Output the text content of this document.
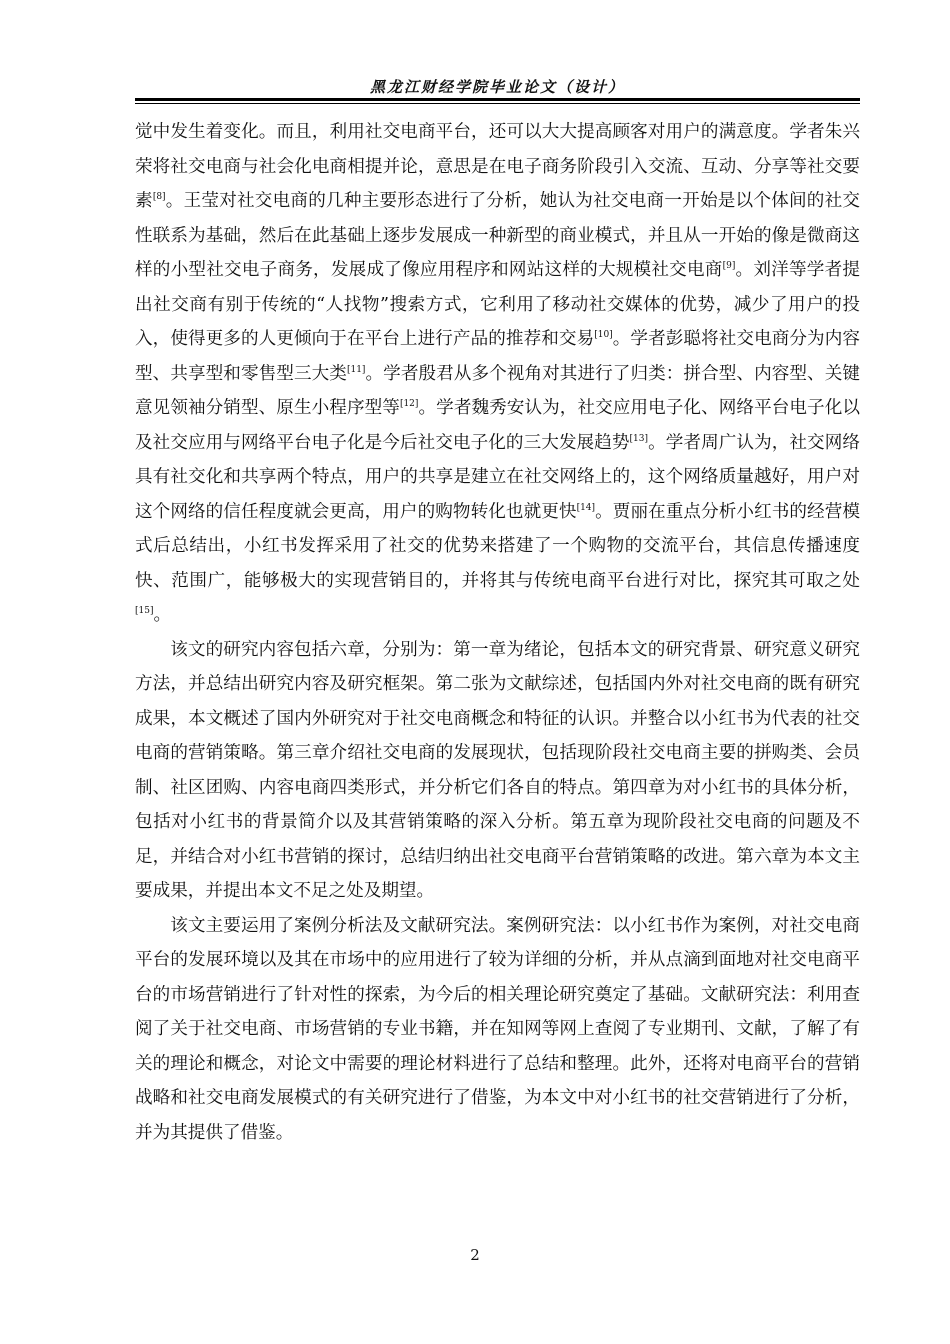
黑龙江财经学院毕业论文（设计）

觉中发生着变化。而且，利用社交电商平台，还可以大大提高顾客对用户的满意度。学者朱兴荣将社交电商与社会化电商相提并论，意思是在电子商务阶段引入交流、互动、分享等社交要素[8]。王莹对社交电商的几种主要形态进行了分析，她认为社交电商一开始是以个体间的社交性联系为基础，然后在此基础上逐步发展成一种新型的商业模式，并且从一开始的像是微商这样的小型社交电子商务，发展成了像应用程序和网站这样的大规模社交电商[9]。刘洋等学者提出社交商有别于传统的“人找物”搜索方式，它利用了移动社交媒体的优势，减少了用户的投入，使得更多的人更倾向于在平台上进行产品的推荐和交易[10]。学者彭聪将社交电商分为内容型、共享型和零售型三大类[11]。学者殷君从多个视角对其进行了归类：拼合型、内容型、关键意见领袖分销型、原生小程序型等[12]。学者魏秀安认为，社交应用电子化、网络平台电子化以及社交应用与网络平台电子化是今后社交电子化的三大发展趋势[13]。学者周广认为，社交网络具有社交化和共享两个特点，用户的共享是建立在社交网络上的，这个网络质量越好，用户对这个网络的信任程度就会更高，用户的购物转化也就更快[14]。贾丽在重点分析小红书的经营模式后总结出，小红书发挥采用了社交的优势来搭建了一个购物的交流平台，其信息传播速度快、范围广，能够极大的实现营销目的，并将其与传统电商平台进行对比，探究其可取之处[15]。

该文的研究内容包括六章，分别为：第一章为绪论，包括本文的研究背景、研究意义研究方法，并总结出研究内容及研究框架。第二张为文献综述，包括国内外对社交电商的既有研究成果，本文概述了国内外研究对于社交电商概念和特征的认识。并整合以小红书为代表的社交电商的营销策略。第三章介绍社交电商的发展现状，包括现阶段社交电商主要的拼购类、会员制、社区团购、内容电商四类形式，并分析它们各自的特点。第四章为对小红书的具体分析，包括对小红书的背景简介以及其营销策略的深入分析。第五章为现阶段社交电商的问题及不足，并结合对小红书营销的探讨，总结归纳出社交电商平台营销策略的改进。第六章为本文主要成果，并提出本文不足之处及期望。

该文主要运用了案例分析法及文献研究法。案例研究法：以小红书作为案例，对社交电商平台的发展环境以及其在市场中的应用进行了较为详细的分析，并从点滴到面地对社交电商平台的市场营销进行了针对性的探索，为今后的相关理论研究奠定了基础。文献研究法：利用查阅了关于社交电商、市场营销的专业书籍，并在知网等网上查阅了专业期刊、文献，了解了有关的理论和概念，对论文中需要的理论材料进行了总结和整理。此外，还将对电商平台的营销战略和社交电商发展模式的有关研究进行了借鉴，为本文中对小红书的社交营销进行了分析，并为其提供了借鉴。

2
